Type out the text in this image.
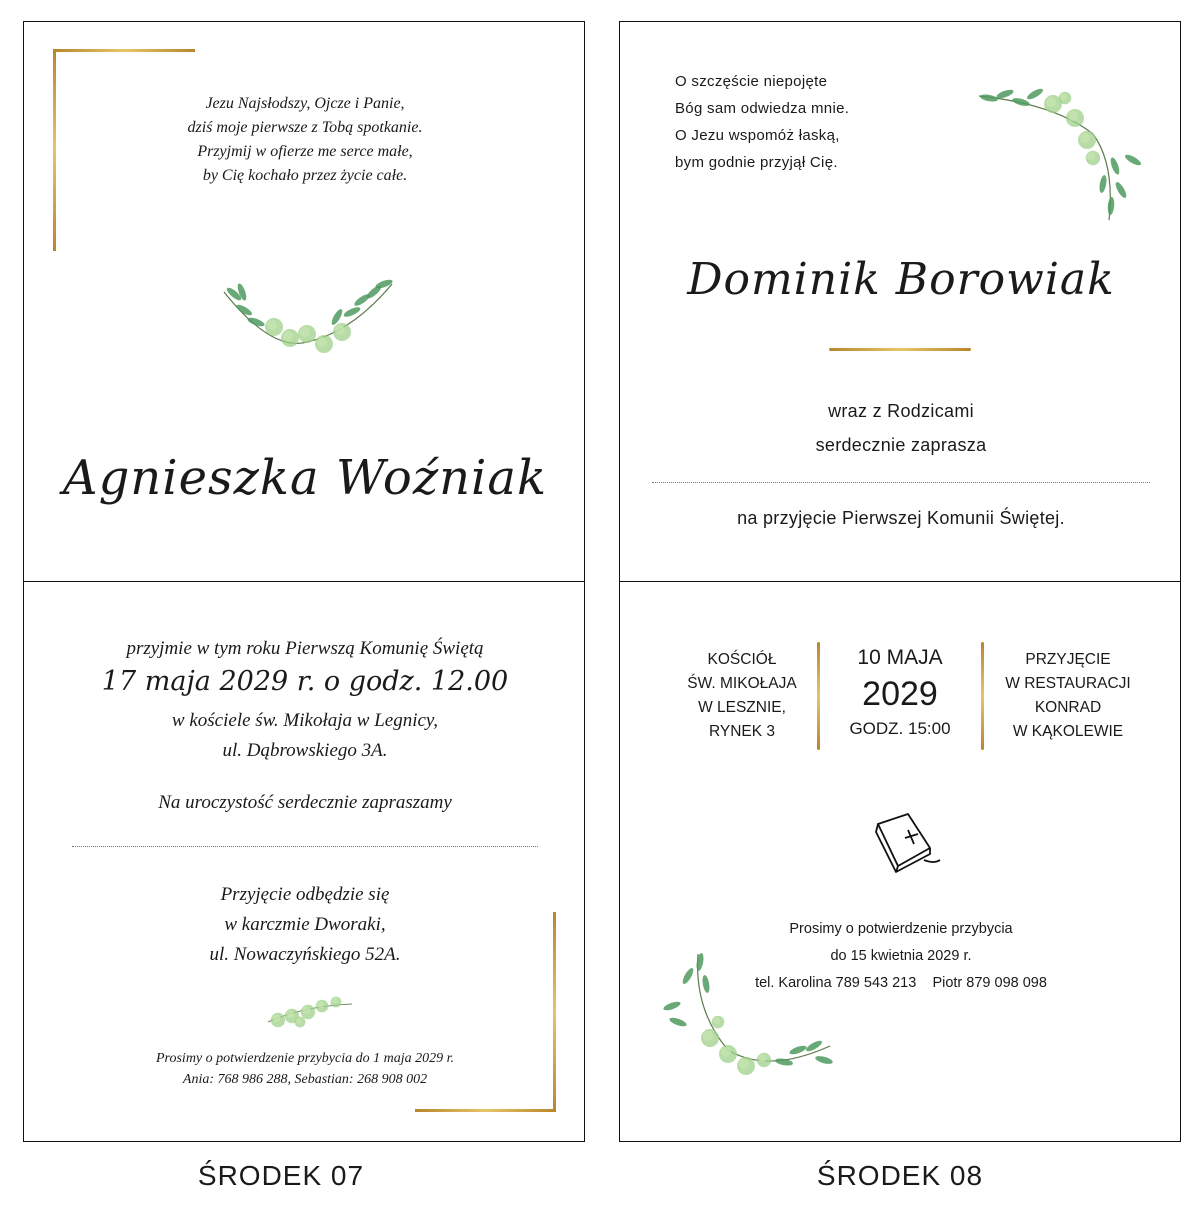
Jezu Najsłodszy, Ojcze i Panie,
dziś moje pierwsze z Tobą spotkanie.
Przyjmij w ofierze me serce małe,
by Cię kochało przez życie całe.
Agnieszka Woźniak
przyjmie w tym roku Pierwszą Komunię Świętą
17 maja 2029 r. o godz. 12.00
w kościele św. Mikołaja w Legnicy,
ul. Dąbrowskiego 3A.
Na uroczystość serdecznie zapraszamy
Przyjęcie odbędzie się
w karczmie Dworaki,
ul. Nowaczyńskiego 52A.
Prosimy o potwierdzenie przybycia do 1 maja 2029 r.
Ania: 768 986 288, Sebastian: 268 908 002
O szczęście niepojęte
Bóg sam odwiedza mnie.
O Jezu wspomóż łaską,
bym godnie przyjął Cię.
Dominik Borowiak
wraz z Rodzicami
serdecznie zaprasza
na przyjęcie Pierwszej Komunii Świętej.
KOŚCIÓŁ
ŚW. MIKOŁAJA
W LESZNIE,
RYNEK 3
10 MAJA
2029
GODZ. 15:00
PRZYJĘCIE
W RESTAURACJI
KONRAD
W KĄKOLEWIE
Prosimy o potwierdzenie przybycia
do 15 kwietnia 2029 r.
tel. Karolina 789 543 213 Piotr 879 098 098
ŚRODEK 07	ŚRODEK 08
